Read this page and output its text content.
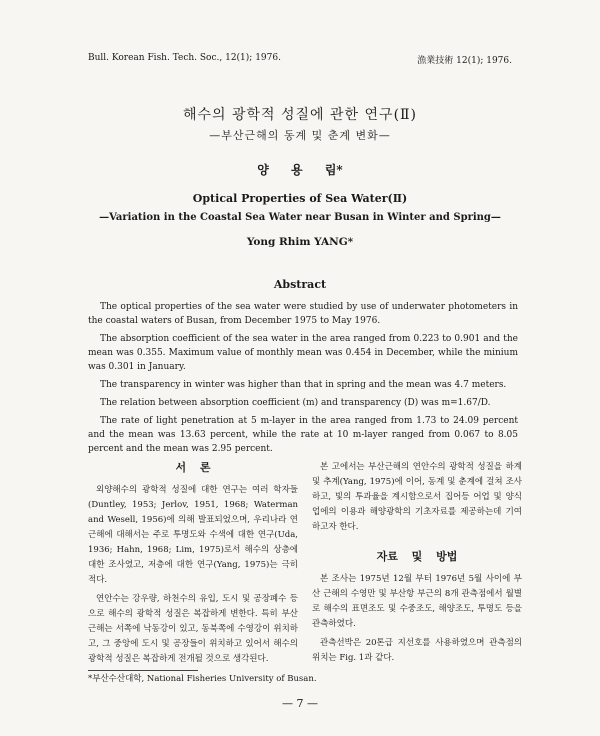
Bull. Korean Fish. Tech. Soc., 12(1); 1976.	漁業技術 12(1); 1976.
해수의 광학적 성질에 관한 연구(Ⅱ)
—부산근해의 동계 및 춘계 변화—
양 용 림*
Optical Properties of Sea Water(Ⅱ)
—Variation in the Coastal Sea Water near Busan in Winter and Spring—
Yong Rhim YANG*
Abstract

The optical properties of the sea water were studied by use of underwater photometers in the coastal waters of Busan, from December 1975 to May 1976.

The absorption coefficient of the sea water in the area ranged from 0.223 to 0.901 and the mean was 0.355. Maximum value of monthly mean was 0.454 in December, while the minium was 0.301 in January.

The transparency in winter was higher than that in spring and the mean was 4.7 meters.

The relation between absorption coefficient (m) and transparency (D) was m=1.67/D.

The rate of light penetration at 5 m-layer in the area ranged from 1.73 to 24.09 percent and the mean was 13.63 percent, while the rate at 10 m-layer ranged from 0.067 to 8.05 percent and the mean was 2.95 percent.

서 론

외양해수의 광학적 성질에 대한 연구는 여러 학자들(Duntley, 1953; Jerlov, 1951, 1968; Waterman and Wesell, 1956)에 의해 발표되었으며, 우리나라 연근해에 대해서는 주로 투명도와 수색에 대한 연구(Uda, 1936; Hahn, 1968; Lim, 1975)로서 해수의 상층에 대한 조사였고, 저층에 대한 연구(Yang, 1975)는 극히 적다.

연안수는 강우량, 하천수의 유입, 도시 및 공장폐수 등으로 해수의 광학적 성질은 복잡하게 변한다. 특히 부산 근해는 서쪽에 낙동강이 있고, 동북쪽에 수영강이 위치하고, 그 중앙에 도시 및 공장들이 위치하고 있어서 해수의 광학적 성질은 복잡하게 전개될 것으로 생각된다.

본 고에서는 부산근해의 연안수의 광학적 성질을 하계 및 추계(Yang, 1975)에 이어, 동계 및 춘계에 걸쳐 조사하고, 빛의 투과율을 계시함으로서 집어등 어업 및 양식업에의 이용과 해양광학의 기초자료를 제공하는데 기여하고자 한다.

자료 및 방법

본 조사는 1975년 12월 부터 1976년 5월 사이에 부산 근해의 수영만 및 부산항 부근의 8개 관측점에서 월별로 해수의 표면조도 및 수중조도, 해양조도, 투명도 등을 관측하였다.

관측선박은 20톤급 지선호를 사용하였으며 관측점의 위치는 Fig. 1과 같다.

*부산수산대학, National Fisheries University of Busan.
— 7 —
